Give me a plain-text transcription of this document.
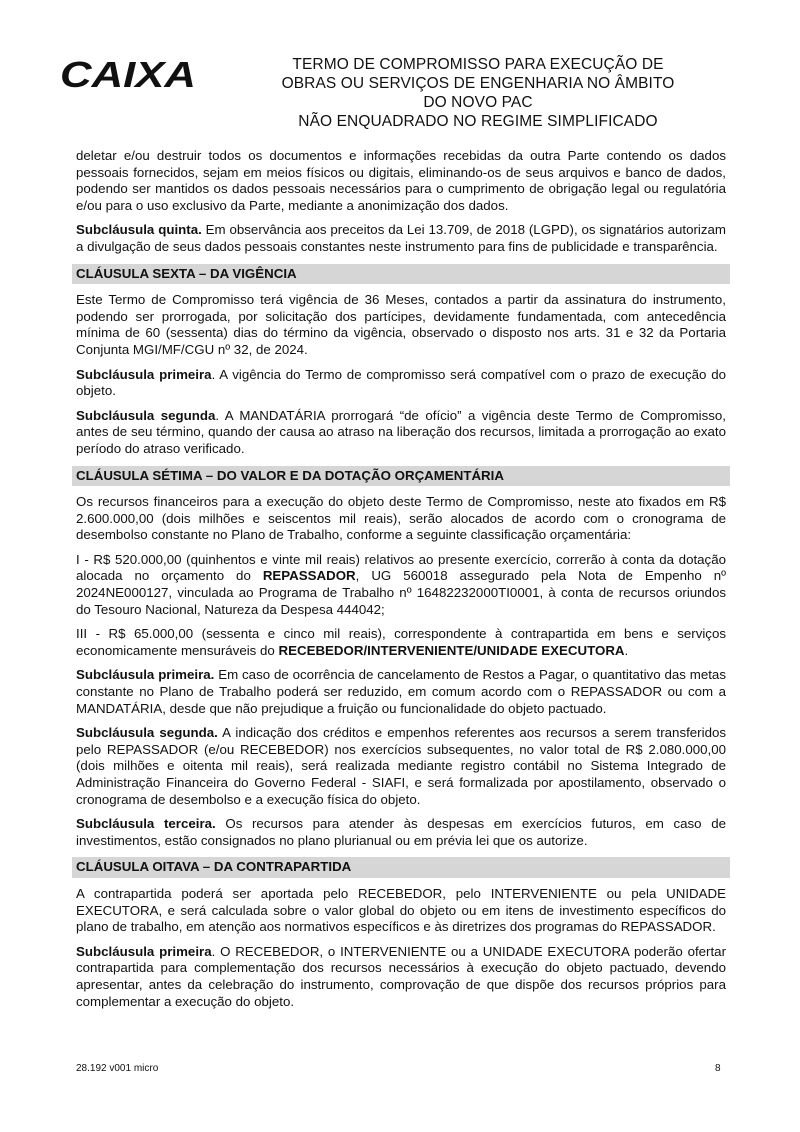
CAIXA	TERMO DE COMPROMISSO PARA EXECUÇÃO DE
OBRAS OU SERVIÇOS DE ENGENHARIA NO ÂMBITO
DO NOVO PAC
NÃO ENQUADRADO NO REGIME SIMPLIFICADO

deletar e/ou destruir todos os documentos e informações recebidas da outra Parte contendo os dados pessoais fornecidos, sejam em meios físicos ou digitais, eliminando-os de seus arquivos e banco de dados, podendo ser mantidos os dados pessoais necessários para o cumprimento de obrigação legal ou regulatória e/ou para o uso exclusivo da Parte, mediante a anonimização dos dados.

Subcláusula quinta. Em observância aos preceitos da Lei 13.709, de 2018 (LGPD), os signatários autorizam a divulgação de seus dados pessoais constantes neste instrumento para fins de publicidade e transparência.

CLÁUSULA SEXTA – DA VIGÊNCIA

Este Termo de Compromisso terá vigência de 36 Meses, contados a partir da assinatura do instrumento, podendo ser prorrogada, por solicitação dos partícipes, devidamente fundamentada, com antecedência mínima de 60 (sessenta) dias do término da vigência, observado o disposto nos arts. 31 e 32 da Portaria Conjunta MGI/MF/CGU nº 32, de 2024.

Subcláusula primeira. A vigência do Termo de compromisso será compatível com o prazo de execução do objeto.

Subcláusula segunda. A MANDATÁRIA prorrogará “de ofício” a vigência deste Termo de Compromisso, antes de seu término, quando der causa ao atraso na liberação dos recursos, limitada a prorrogação ao exato período do atraso verificado.

CLÁUSULA SÉTIMA – DO VALOR E DA DOTAÇÃO ORÇAMENTÁRIA

Os recursos financeiros para a execução do objeto deste Termo de Compromisso, neste ato fixados em R$ 2.600.000,00 (dois milhões e seiscentos mil reais), serão alocados de acordo com o cronograma de desembolso constante no Plano de Trabalho, conforme a seguinte classificação orçamentária:

I - R$ 520.000,00 (quinhentos e vinte mil reais) relativos ao presente exercício, correrão à conta da dotação alocada no orçamento do REPASSADOR, UG 560018 assegurado pela Nota de Empenho nº 2024NE000127, vinculada ao Programa de Trabalho nº 16482232000TI0001, à conta de recursos oriundos do Tesouro Nacional, Natureza da Despesa 444042;

III - R$ 65.000,00 (sessenta e cinco mil reais), correspondente à contrapartida em bens e serviços economicamente mensuráveis do RECEBEDOR/INTERVENIENTE/UNIDADE EXECUTORA.

Subcláusula primeira. Em caso de ocorrência de cancelamento de Restos a Pagar, o quantitativo das metas constante no Plano de Trabalho poderá ser reduzido, em comum acordo com o REPASSADOR ou com a MANDATÁRIA, desde que não prejudique a fruição ou funcionalidade do objeto pactuado.

Subcláusula segunda. A indicação dos créditos e empenhos referentes aos recursos a serem transferidos pelo REPASSADOR (e/ou RECEBEDOR) nos exercícios subsequentes, no valor total de R$ 2.080.000,00 (dois milhões e oitenta mil reais), será realizada mediante registro contábil no Sistema Integrado de Administração Financeira do Governo Federal - SIAFI, e será formalizada por apostilamento, observado o cronograma de desembolso e a execução física do objeto.

Subcláusula terceira. Os recursos para atender às despesas em exercícios futuros, em caso de investimentos, estão consignados no plano plurianual ou em prévia lei que os autorize.

CLÁUSULA OITAVA – DA CONTRAPARTIDA

A contrapartida poderá ser aportada pelo RECEBEDOR, pelo INTERVENIENTE ou pela UNIDADE EXECUTORA, e será calculada sobre o valor global do objeto ou em itens de investimento específicos do plano de trabalho, em atenção aos normativos específicos e às diretrizes dos programas do REPASSADOR.

Subcláusula primeira. O RECEBEDOR, o INTERVENIENTE ou a UNIDADE EXECUTORA poderão ofertar contrapartida para complementação dos recursos necessários à execução do objeto pactuado, devendo apresentar, antes da celebração do instrumento, comprovação de que dispõe dos recursos próprios para complementar a execução do objeto.

28.192 v001 micro	8
